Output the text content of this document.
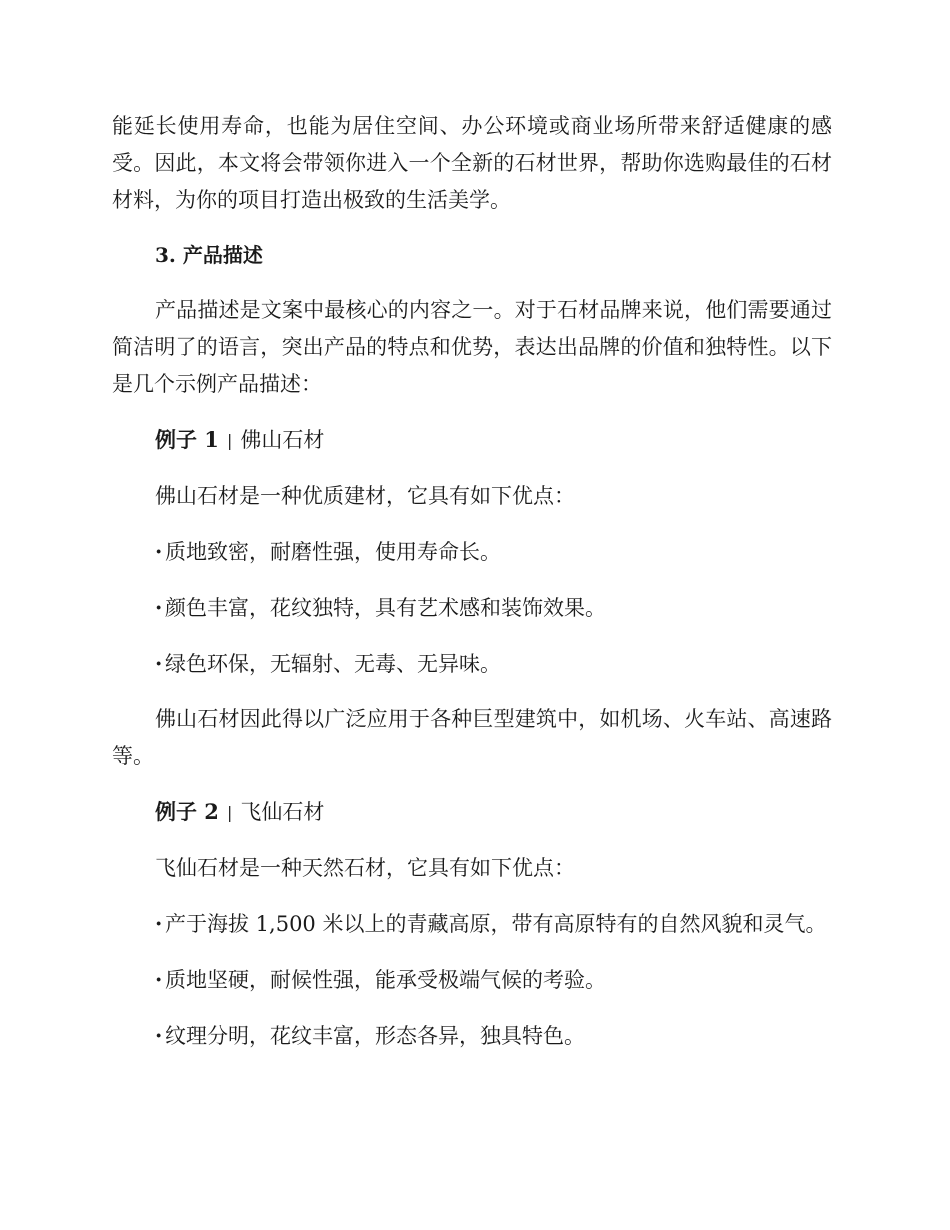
能延长使用寿命，也能为居住空间、办公环境或商业场所带来舒适健康的感受。因此，本文将会带领你进入一个全新的石材世界，帮助你选购最佳的石材材料，为你的项目打造出极致的生活美学。

3. 产品描述

产品描述是文案中最核心的内容之一。对于石材品牌来说，他们需要通过简洁明了的语言，突出产品的特点和优势，表达出品牌的价值和独特性。以下是几个示例产品描述：

例子 1 | 佛山石材

佛山石材是一种优质建材，它具有如下优点：

· 质地致密，耐磨性强，使用寿命长。
· 颜色丰富，花纹独特，具有艺术感和装饰效果。
· 绿色环保，无辐射、无毒、无异味。

佛山石材因此得以广泛应用于各种巨型建筑中，如机场、火车站、高速路等。

例子 2 | 飞仙石材

飞仙石材是一种天然石材，它具有如下优点：

· 产于海拔 1,500 米以上的青藏高原，带有高原特有的自然风貌和灵气。
· 质地坚硬，耐候性强，能承受极端气候的考验。
· 纹理分明，花纹丰富，形态各异，独具特色。
